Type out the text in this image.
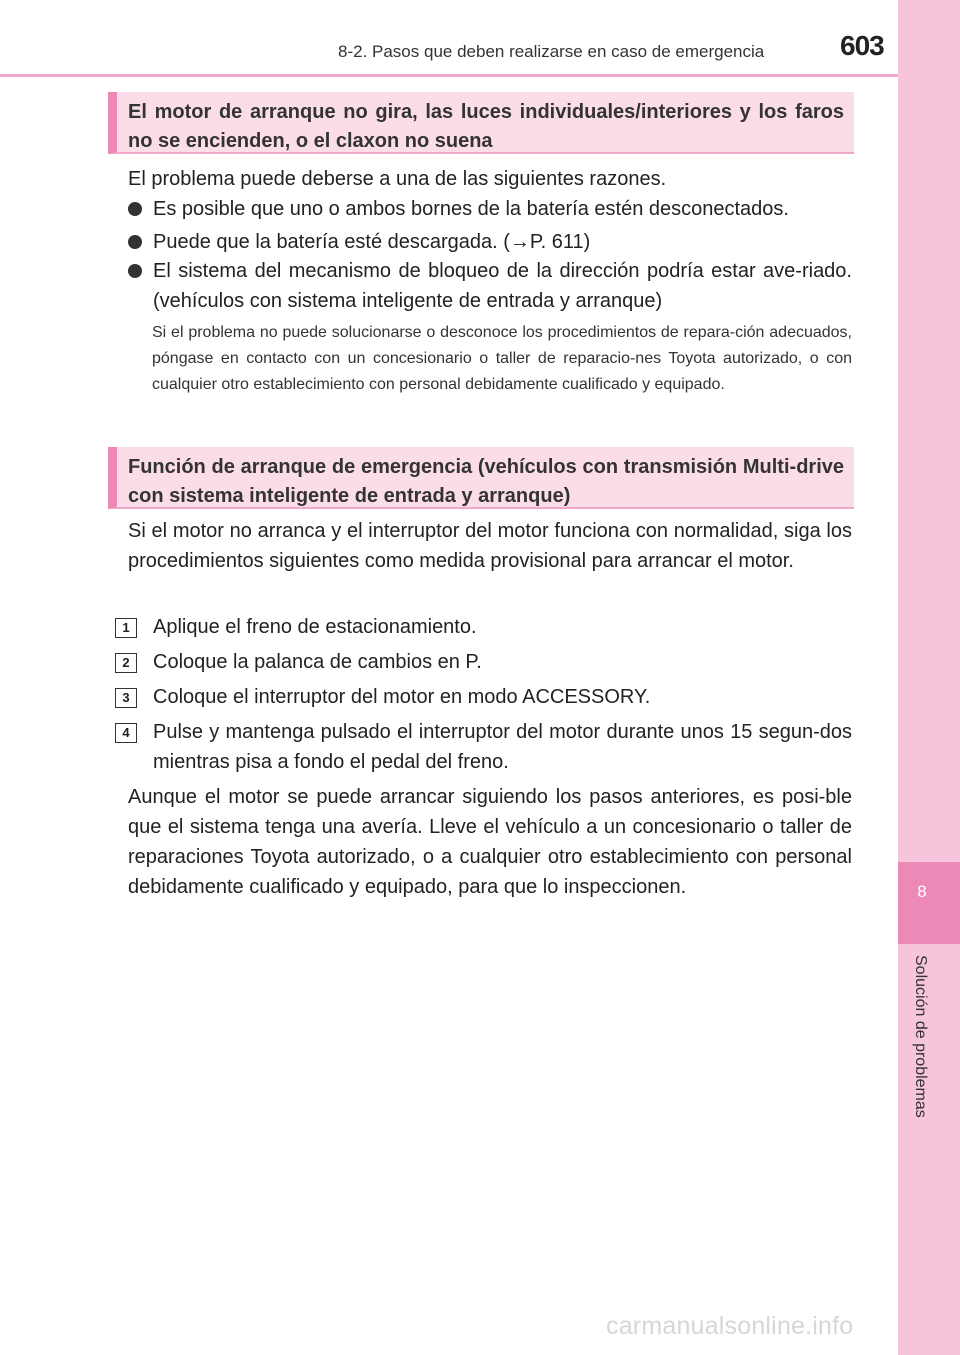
8-2. Pasos que deben realizarse en caso de emergencia	603
8
Solución de problemas
El motor de arranque no gira, las luces individuales/interiores y los faros no se encienden, o el claxon no suena
El problema puede deberse a una de las siguientes razones.
Es posible que uno o ambos bornes de la batería estén desconectados.
Puede que la batería esté descargada. (→P. 611)
El sistema del mecanismo de bloqueo de la dirección podría estar ave-riado. (vehículos con sistema inteligente de entrada y arranque)
Si el problema no puede solucionarse o desconoce los procedimientos de repara-ción adecuados, póngase en contacto con un concesionario o taller de reparacio-nes Toyota autorizado, o con cualquier otro establecimiento con personal debidamente cualificado y equipado.
Función de arranque de emergencia (vehículos con transmisión Multi-drive con sistema inteligente de entrada y arranque)
Si el motor no arranca y el interruptor del motor funciona con normalidad, siga los procedimientos siguientes como medida provisional para arrancar el motor.
1	Aplique el freno de estacionamiento.
2	Coloque la palanca de cambios en P.
3	Coloque el interruptor del motor en modo ACCESSORY.
4	Pulse y mantenga pulsado el interruptor del motor durante unos 15 segun-dos mientras pisa a fondo el pedal del freno.
Aunque el motor se puede arrancar siguiendo los pasos anteriores, es posi-ble que el sistema tenga una avería. Lleve el vehículo a un concesionario o taller de reparaciones Toyota autorizado, o a cualquier otro establecimiento con personal debidamente cualificado y equipado, para que lo inspeccionen.
carmanualsonline.info
